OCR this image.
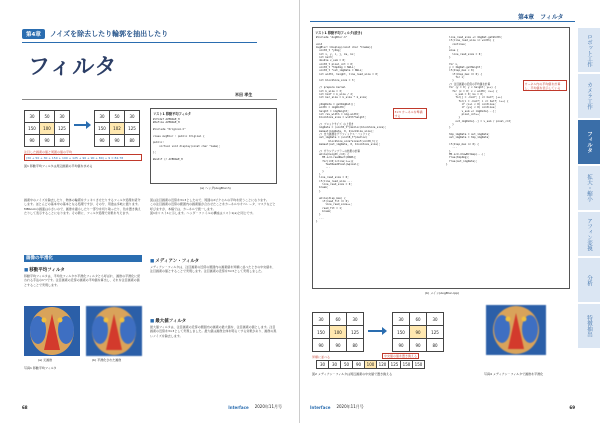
第4章	ノイズを除去したり輪郭を抽出したり
フィルタ
米田 孝生
30	50	30
150	100	125
90	90	80
30	50	30
150	102	125
90	90	80
注目した画素の値と周囲の値の平均
(30 + 50 + 30 + 150 + 100 + 125 + 90 + 90 + 80) ÷ 9 = 82.78
図1 移動平均フィルタは周辺画素の平均値を求める
リスト1 移動平均フィルタ
#ifndef AVERAGE_H
#define AVERAGE_H

#include "Original.h"

class AvgBlur : public Original {

public:
virtual void display(const char *name);

};

#endif // AVERAGE_H
(a) ヘッダ(AvgBlur.h)
画素中のノイズを除去したり、物体の輪郭をクッキリさせたりするフィルタ処理を紹介します。ほとんどの基本中の基本となる処理ですが、その分、用途は多岐に渡ります。
MBbookの画面は小さいので、画像を縮小したり一部分を切り取ったり、色を置き換えたりして表示することになります。その際に、フィルタ処理で効果を与えます。
画像の平滑化
■ 移動平均フィルタ
移動平均フィルタは、平均化フィルタや平滑化フィルタとも呼ばれ、画像の平滑化に使われる手法の1つです。注目画素の近傍の画素の平均値を算出し、それを注目画素の値とすることで実現します。
(a) 元画像	(b) 平滑化された画像
写真1 移動平均フィルタ
図は注目画素の近傍を3×3としたので、周囲の2ピクセルの平均を使うことになります。
この注目画素の近傍の範囲内の画素値が合わせたことをカーネルやオペレータ、マスクなどと呼びますが、本稿では、カーネルで統一します。
図1をリスト1に示します。ヘッダ・ファイルの構成はリスト1(a)と同じです。
■ メディアン・フィルタ
メディアン・フィルタは、注目画素の近傍の範囲内の画素値を昇順に並べたときの中央値を、注目画素の値とすることで実現します。注目画素の近傍を3×3として実現しました。
■ 最大値フィルタ
最大値フィルタは、注目画素の近傍の範囲内の画素の最大値を、注目画素の値とします。注目画素の近傍を3×3として実現しました。最大値は画像全体を明るくする効果があり、画像の黒いノイズを除去します。
68	Interface 2020年11月号
第4章　フィルタ
リスト1 移動平均フィルタ(続き)
#include "AvgBlur.h"

void
AvgBlur::display(const char *Cname){
uint8_t *yImg;
int x, y, i, j, ks, kx;
int ks=3;
double v_sum = 0;
uint8_t pixel_cnt = 0;
uint8_t *tmpImg = NULL;
uint8_t *out_imgData = NULL;
int width, height, line_read_size = 0;

int blockSize_size = 3;

// prepare kernel
int k_size = 3;
int half = k_size / 2;
int ker_size = k_size * k_size;

yImgData = getImgDat();
width = imgWidth;
height = imgHeight;
int rev_width = img.width;
blockSize_size = width*height;

// ブロックサイズ の上書き
imgData = (uint8_t*)malloc(blockSize_size);
memset(imgData, 0, blockSize_size);
// 出力画像をグラフィックス・バッファに
out_imgData = (uint8_t*)malloc(
blockSize_size*sizeof(uint8_t));
memset(out_imgData, 0, blockSize_size);

// ガウシアンブラーの結果の計算
while(height_cnt) {
M5.Lcd.readRect(ROWS);
for(i=0;i<line;i++){
fastReadPixel(&pixel);
...
}
}
line_read_size = 0;
if(line_read_size ...
line_read_size = 0;
break;
}

while(disp_max) {
if(read_fit == 0)
line_read_size++;
read_fit = 1;
break;
}
...
}
line_read_size += ImgDat.getWidth;
if(line_read_size >= width) {
continue;
}
else {
line_read_size = 0;
}

for x,
y = ImgDat.getHeight;
if(disp_max < 0)
if(disp_max == 0) {
for x;
}
// 注目画素の近傍の平均値を計算
for (y = 0; y < height; y++) {
for (x = 0; x < width; x++) {
v_sum = 0; ks = 0;
for(j = -half; j <= half; j++)
for(i = -half; i <= half; i++) {
if (x+i < 0) continue;
if (y+j < 0) continue;
v_sum += imgData[...];
pixel_cnt++;
}
out_imgData[..] = v_sum / pixel_cnt;
}
}

tmp_imgData = out_imgData;
out_imgData = tmp_imgData;

if(disp_max >= 0) {
...
}
M5.Lcd.drawBitmap(...);
free(tmpImg);
free(out_imgData);
}
3×3 カーネルを準備する
カーネル内の平均値を計算し、平均値を表示している
(b) メイン(AvgBlur.cpp)
30	60	30
150	100	125
90	90	80
30	60	30
150	90	125
90	90	80
昇順に並べる
30	30	50	90	100	120	125	150	150
中央値の値を置き換える
図2 メディアン・フィルタは周辺画素の中央値で置き換える	写真4 メディアン・フィルタで画像を平滑化
ロボット工作
カメラ工作
フィルタ
拡大・縮小
アフィン変換
分析
特徴抽出
Interface 2020年11月号	69
